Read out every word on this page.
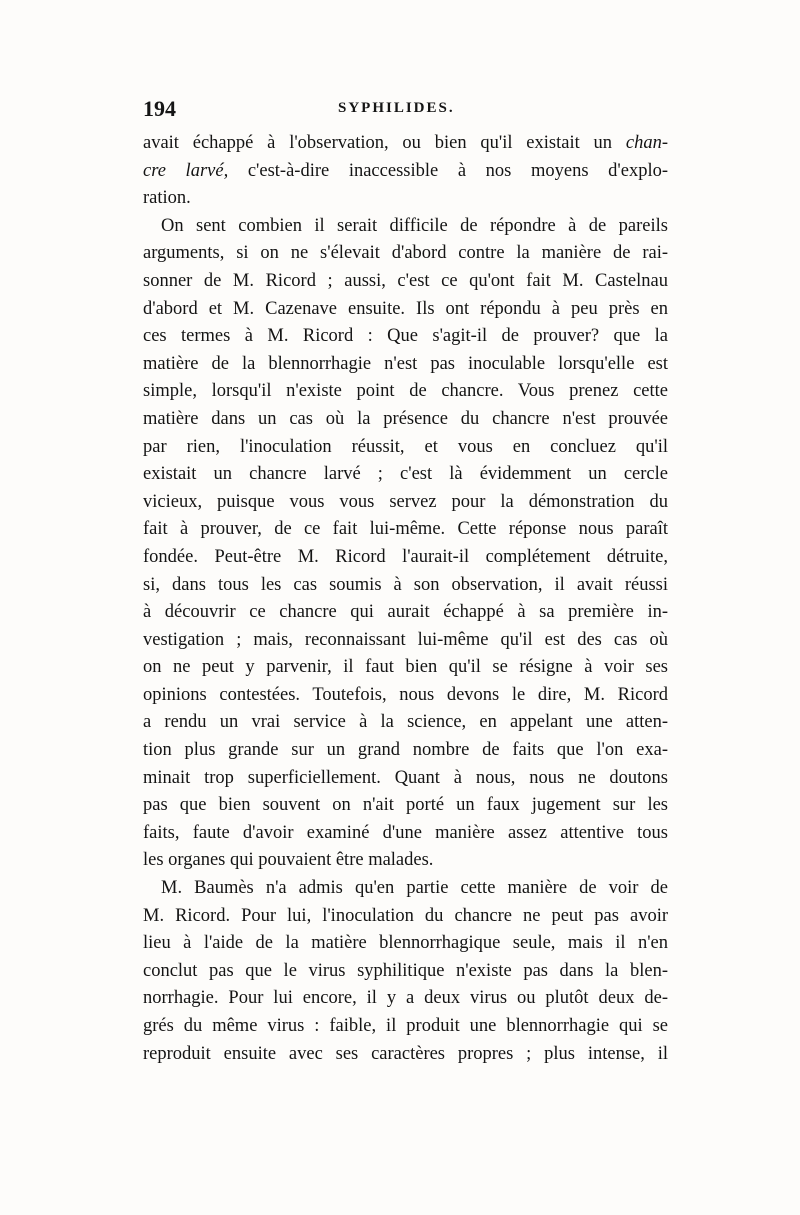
194	SYPHILIDES.
avait échappé à l'observation, ou bien qu'il existait un chan-
cre larvé, c'est-à-dire inaccessible à nos moyens d'explo-
ration.
On sent combien il serait difficile de répondre à de pareils
arguments, si on ne s'élevait d'abord contre la manière de rai-
sonner de M. Ricord ; aussi, c'est ce qu'ont fait M. Castelnau
d'abord et M. Cazenave ensuite. Ils ont répondu à peu près en
ces termes à M. Ricord : Que s'agit-il de prouver? que la
matière de la blennorrhagie n'est pas inoculable lorsqu'elle est
simple, lorsqu'il n'existe point de chancre. Vous prenez cette
matière dans un cas où la présence du chancre n'est prouvée
par rien, l'inoculation réussit, et vous en concluez qu'il
existait un chancre larvé ; c'est là évidemment un cercle
vicieux, puisque vous vous servez pour la démonstration du
fait à prouver, de ce fait lui-même. Cette réponse nous paraît
fondée. Peut-être M. Ricord l'aurait-il complétement détruite,
si, dans tous les cas soumis à son observation, il avait réussi
à découvrir ce chancre qui aurait échappé à sa première in-
vestigation ; mais, reconnaissant lui-même qu'il est des cas où
on ne peut y parvenir, il faut bien qu'il se résigne à voir ses
opinions contestées. Toutefois, nous devons le dire, M. Ricord
a rendu un vrai service à la science, en appelant une atten-
tion plus grande sur un grand nombre de faits que l'on exa-
minait trop superficiellement. Quant à nous, nous ne doutons
pas que bien souvent on n'ait porté un faux jugement sur les
faits, faute d'avoir examiné d'une manière assez attentive tous
les organes qui pouvaient être malades.
M. Baumès n'a admis qu'en partie cette manière de voir de
M. Ricord. Pour lui, l'inoculation du chancre ne peut pas avoir
lieu à l'aide de la matière blennorrhagique seule, mais il n'en
conclut pas que le virus syphilitique n'existe pas dans la blen-
norrhagie. Pour lui encore, il y a deux virus ou plutôt deux de-
grés du même virus : faible, il produit une blennorrhagie qui se
reproduit ensuite avec ses caractères propres ; plus intense, il
